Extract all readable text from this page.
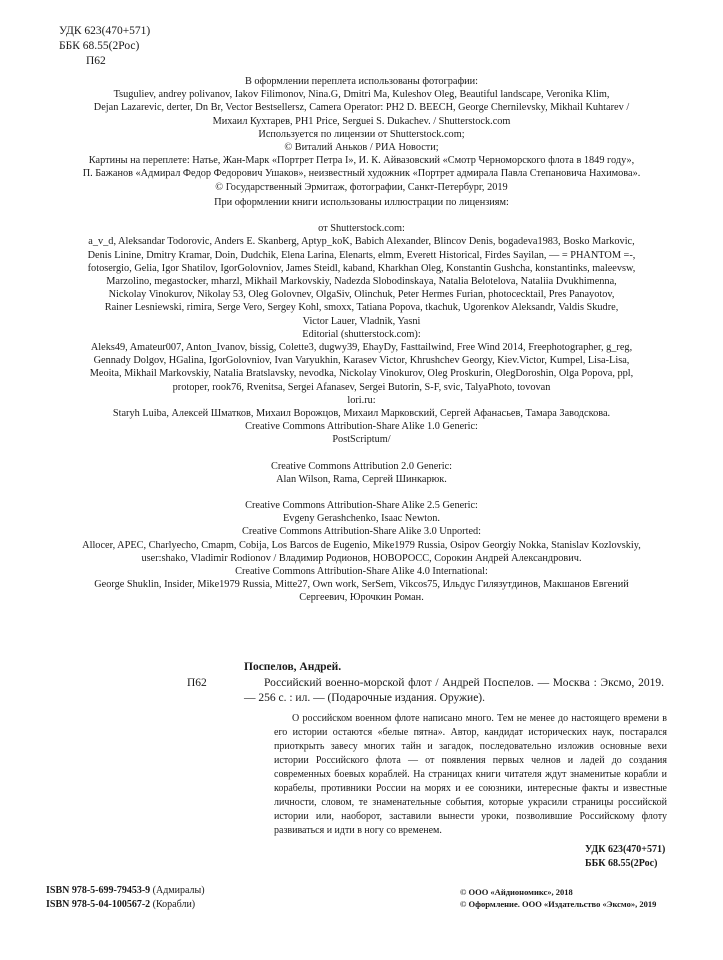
УДК 623(470+571)
ББК 68.55(2Рос)
П62
В оформлении переплета использованы фотографии:
Tsuguliev, andrey polivanov, Iakov Filimonov, Nina.G, Dmitri Ma, Kuleshov Oleg, Beautiful landscape, Veronika Klim,
Dejan Lazarevic, derter, Dn Br, Vector Bestsellersz, Camera Operator: PH2 D. BEECH, George Chernilevsky, Mikhail Kuhtarev /
Михаил Кухтарев, PH1 Price, Serguei S. Dukachev. / Shutterstock.com
Используется по лицензии от Shutterstock.com;
© Виталий Аньков / РИА Новости;
Картины на переплете: Натье, Жан-Марк «Портрет Петра I», И. К. Айвазовский «Смотр Черноморского флота в 1849 году»,
П. Бажанов «Адмирал Федор Федорович Ушаков», неизвестный художник «Портрет адмирала Павла Степановича Нахимова».
© Государственный Эрмитаж, фотографии, Санкт-Петербург, 2019
При оформлении книги использованы иллюстрации по лицензиям:
от Shutterstock.com:
a_v_d, Aleksandar Todorovic, Anders E. Skanberg, Aptyp_koK, Babich Alexander, Blincov Denis, bogadeva1983, Bosko Markovic,
Denis Linine, Dmitry Kramar, Doin, Dudchik, Elena Larina, Elenarts, elmm, Everett Historical, Firdes Sayilan, — = PHANTOM =-,
fotosergio, Gelia, Igor Shatilov, IgorGolovniov, James Steidl, kaband, Kharkhan Oleg, Konstantin Gushcha, konstantinks, maleevsw,
Marzolino, megastocker, mharzl, Mikhail Markovskiy, Nadezda Slobodinskaya, Natalia Belotelova, Nataliia Dvukhimenna,
Nickolay Vinokurov, Nikolay 53, Oleg Golovnev, OlgaSiv, Olinchuk, Peter Hermes Furian, photocecktail, Pres Panayotov,
Rainer Lesniewski, rimira, Serge Vero, Sergey Kohl, smoxx, Tatiana Popova, tkachuk, Ugorenkov Aleksandr, Valdis Skudre,
Victor Lauer, Vladnik, Yasni
Editorial (shutterstock.com):
Aleks49, Amateur007, Anton_Ivanov, bissig, Colette3, dugwy39, EhayDy, Fasttailwind, Free Wind 2014, Freephotographer, g_reg,
Gennady Dolgov, HGalina, IgorGolovniov, Ivan Varyukhin, Karasev Victor, Khrushchev Georgy, Kiev.Victor, Kumpel, Lisa-Lisa,
Meoita, Mikhail Markovskiy, Natalia Bratslavsky, nevodka, Nickolay Vinokurov, Oleg Proskurin, OlegDoroshin, Olga Popova, ppl,
protoper, rook76, Rvenitsa, Sergei Afanasev, Sergei Butorin, S-F, svic, TalyaPhoto, tovovan
lori.ru:
Staryh Luiba, Алексей Шматков, Михаил Ворожцов, Михаил Марковский, Сергей Афанасьев, Тамара Заводскова.
Creative Commons Attribution-Share Alike 1.0 Generic:
PostScriptum/
Creative Commons Attribution 2.0 Generic:
Alan Wilson, Rama, Сергей Шинкарюк.
Creative Commons Attribution-Share Alike 2.5 Generic:
Evgeny Gerashchenko, Isaac Newton.
Creative Commons Attribution-Share Alike 3.0 Unported:
Allocer, APEC, Charlyecho, Cmapm, Cobija, Los Barcos de Eugenio, Mike1979 Russia, Osipov Georgiy Nokka, Stanislav Kozlovskiy,
user:shako, Vladimir Rodionov / Владимир Родионов, НОВОРОСС, Сорокин Андрей Александрович.
Creative Commons Attribution-Share Alike 4.0 International:
George Shuklin, Insider, Mike1979 Russia, Mitte27, Own work, SerSem, Vikcos75, Ильдус Гилязутдинов, Макшанов Евгений
Сергеевич, Юрочкин Роман.
Поспелов, Андрей.
П62	Российский военно-морской флот / Андрей Поспелов. — Москва : Эксмо, 2019. — 256 с. : ил. — (Подарочные издания. Оружие).

О российском военном флоте написано много. Тем не менее до настоящего времени в его истории остаются «белые пятна». Автор, кандидат исторических наук, постарался приоткрыть завесу многих тайн и загадок, последовательно изложив основные вехи истории Российского флота — от появления первых челнов и ладей до создания современных боевых кораблей. На страницах книги читателя ждут знаменитые корабли и корабелы, противники России на морях и ее союзники, интересные факты и известные личности, словом, те знаменательные события, которые украсили страницы российской истории или, наоборот, заставили вынести уроки, позволившие Российскому флоту развиваться и идти в ногу со временем.

УДК 623(470+571)
ББК 68.55(2Рос)
ISBN 978-5-699-79453-9 (Адмиралы)
ISBN 978-5-04-100567-2 (Корабли)
© ООО «Айдиономикс», 2018
© Оформление. ООО «Издательство «Эксмо», 2019
